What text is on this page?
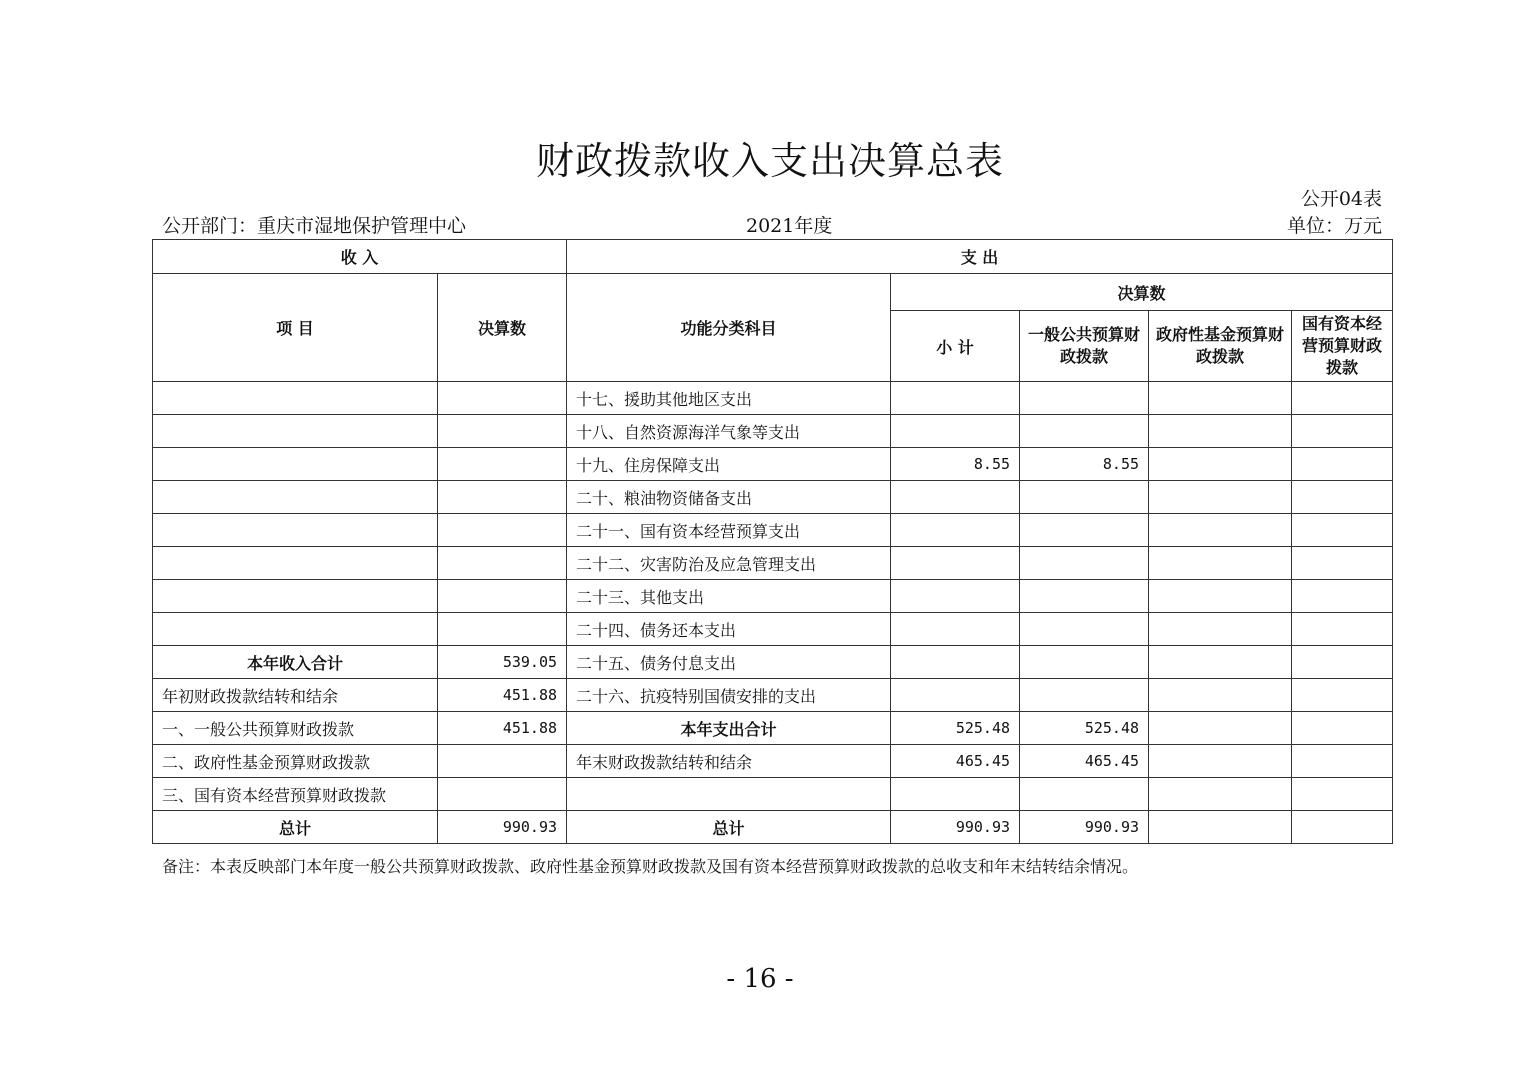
财政拨款收入支出决算总表
公开04表
公开部门：重庆市湿地保护管理中心	2021年度	单位：万元
收 入		支 出				
项 目	决算数	功能分类科目	决算数			
			小 计	一般公共预算财政拨款	政府性基金预算财政拨款	国有资本经营预算财政拨款
		十七、援助其他地区支出				
		十八、自然资源海洋气象等支出				
		十九、住房保障支出	8.55	8.55		
		二十、粮油物资储备支出				
		二十一、国有资本经营预算支出				
		二十二、灾害防治及应急管理支出				
		二十三、其他支出				
		二十四、债务还本支出				
本年收入合计	539.05	二十五、债务付息支出				
年初财政拨款结转和结余	451.88	二十六、抗疫特别国债安排的支出				
一、一般公共预算财政拨款	451.88	本年支出合计	525.48	525.48		
二、政府性基金预算财政拨款		年末财政拨款结转和结余	465.45	465.45		
三、国有资本经营预算财政拨款						
总计	990.93	总计	990.93	990.93		
备注：本表反映部门本年度一般公共预算财政拨款、政府性基金预算财政拨款及国有资本经营预算财政拨款的总收支和年末结转结余情况。
- 16 -
